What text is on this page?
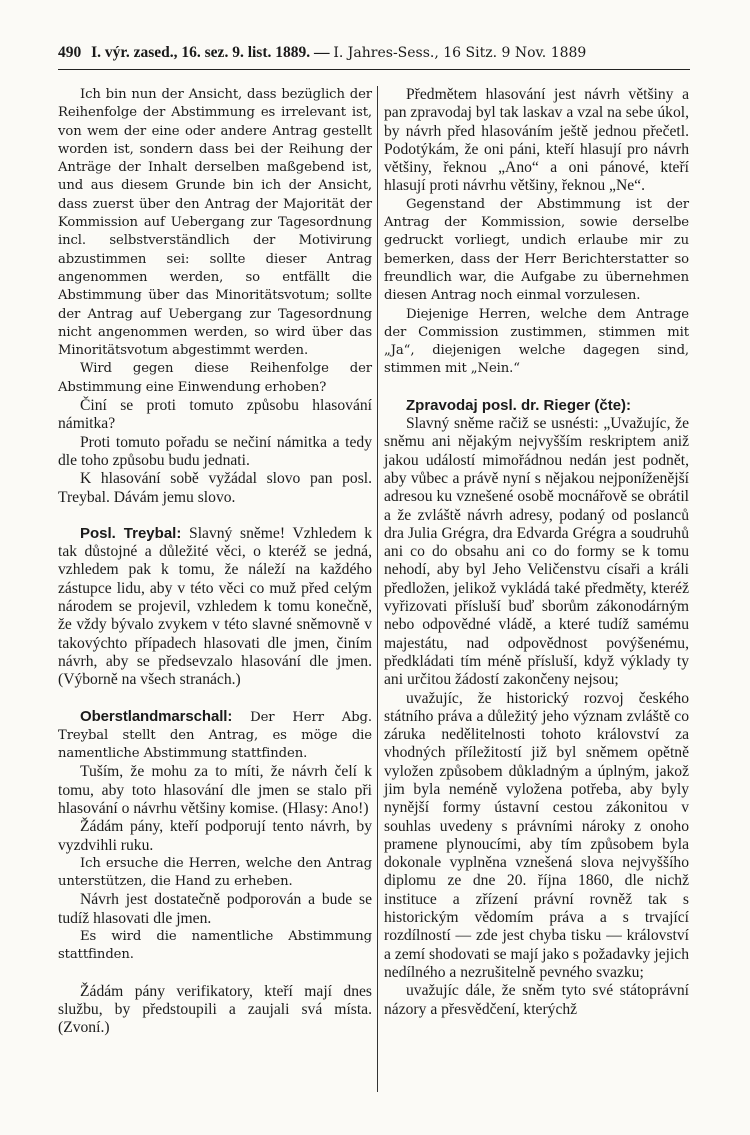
490 I. výr. zased., 16. sez. 9. list. 1889. — I. Jahres-Sess., 16 Sitz. 9 Nov. 1889

Ich bin nun der Ansicht, dass bezüglich der Reihenfolge der Abstimmung es irrelevant ist, von wem der eine oder andere Antrag gestellt worden ist, sondern dass bei der Reihung der Anträge der Inhalt derselben maßgebend ist, und aus diesem Grunde bin ich der Ansicht, dass zuerst über den Antrag der Majorität der Kommission auf Uebergang zur Tagesordnung incl. selbstverständlich der Motivirung abzustimmen sei: sollte dieser Antrag angenommen werden, so entfällt die Abstimmung über das Minoritätsvotum; sollte der Antrag auf Uebergang zur Tagesordnung nicht angenommen werden, so wird über das Minoritätsvotum abgestimmt werden.

Wird gegen diese Reihenfolge der Abstimmung eine Einwendung erhoben?

Činí se proti tomuto způsobu hlasování námitka?

Proti tomuto pořadu se nečiní námitka a tedy dle toho způsobu budu jednati.

K hlasování sobě vyžádal slovo pan posl. Treybal. Dávám jemu slovo.

Posl. Treybal: Slavný sněme! Vzhledem k tak důstojné a důležité věci, o kteréž se jedná, vzhledem pak k tomu, že náleží na každého zástupce lidu, aby v této věci co muž před celým národem se projevil, vzhledem k tomu konečně, že vždy bývalo zvykem v této slavné sněmovně v takovýchto případech hlasovati dle jmen, činím návrh, aby se předsevzalo hlasování dle jmen. (Výborně na všech stranách.)

Oberstlandmarschall: Der Herr Abg. Treybal stellt den Antrag, es möge die namentliche Abstimmung stattfinden.

Tuším, že mohu za to míti, že návrh čelí k tomu, aby toto hlasování dle jmen se stalo při hlasování o návrhu většiny komise. (Hlasy: Ano!)

Žádám pány, kteří podporují tento návrh, by vyzdvihli ruku.

Ich ersuche die Herren, welche den Antrag unterstützen, die Hand zu erheben.

Návrh jest dostatečně podporován a bude se tudíž hlasovati dle jmen.

Es wird die namentliche Abstimmung stattfinden.

Žádám pány verifikatory, kteří mají dnes službu, by předstoupili a zaujali svá místa. (Zvoní.)

Předmětem hlasování jest návrh většiny a pan zpravodaj byl tak laskav a vzal na sebe úkol, by návrh před hlasováním ještě jednou přečetl. Podotýkám, že oni páni, kteří hlasují pro návrh většiny, řeknou „Ano“ a oni pánové, kteří hlasují proti návrhu většiny, řeknou „Ne“.

Gegenstand der Abstimmung ist der Antrag der Kommission, sowie derselbe gedruckt vorliegt, undich erlaube mir zu bemerken, dass der Herr Berichterstatter so freundlich war, die Aufgabe zu übernehmen diesen Antrag noch einmal vorzulesen.

Diejenige Herren, welche dem Antrage der Commission zustimmen, stimmen mit „Ja“, diejenigen welche dagegen sind, stimmen mit „Nein.“

Zpravodaj posl. dr. Rieger (čte):

Slavný sněme račiž se usnésti: „Uvažujíc, že sněmu ani nějakým nejvyšším reskriptem aniž jakou událostí mimořádnou nedán jest podnět, aby vůbec a právě nyní s nějakou nejponíženější adresou ku vznešené osobě mocnářově se obrátil a že zvláště návrh adresy, podaný od poslanců dra Julia Grégra, dra Edvarda Grégra a soudruhů ani co do obsahu ani co do formy se k tomu nehodí, aby byl Jeho Veličenstvu císaři a králi předložen, jelikož vykládá také předměty, kteréž vyřizovati přísluší buď sborům zákonodárným nebo odpovědné vládě, a které tudíž samému majestátu, nad odpovědnost povýšenému, předkládati tím méně přísluší, když výklady ty ani určitou žádostí zakončeny nejsou;

uvažujíc, že historický rozvoj českého státního práva a důležitý jeho význam zvláště co záruka nedělitelnosti tohoto království za vhodných příležitostí již byl sněmem opětně vyložen způsobem důkladným a úplným, jakož jim byla neméně vyložena potřeba, aby byly nynější formy ústavní cestou zákonitou v souhlas uvedeny s právními nároky z onoho pramene plynoucími, aby tím způsobem byla dokonale vyplněna vznešená slova nejvyššího diplomu ze dne 20. října 1860, dle nichž instituce a zřízení právní rovněž tak s historickým vědomím práva a s trvající rozdílností — zde jest chyba tisku — království a zemí shodovati se mají jako s požadavky jejich nedílného a nezrušitelně pevného svazku;

uvažujíc dále, že sněm tyto své státoprávní názory a přesvědčení, kterýchž
